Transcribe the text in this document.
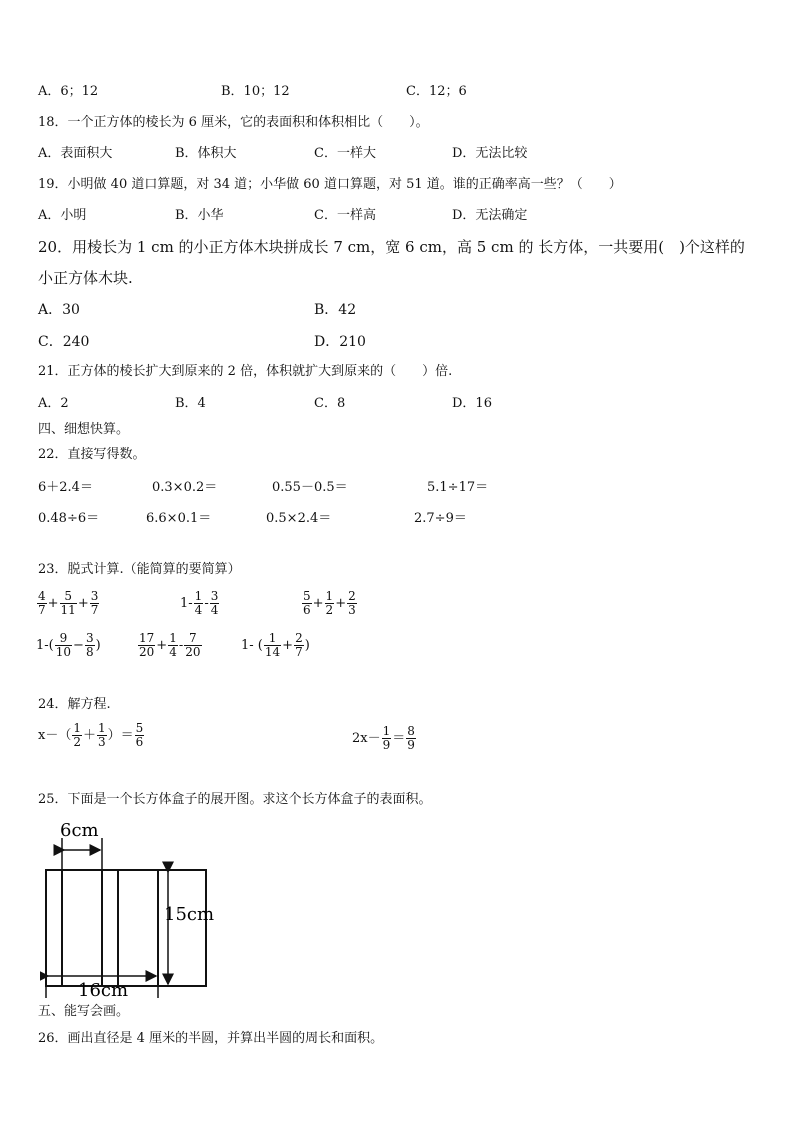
A．6；12	B．10；12	C．12；6
18．一个正方体的棱长为 6 厘米，它的表面积和体积相比（　　）。
A．表面积大	B．体积大	C．一样大	D．无法比较
19．小明做 40 道口算题，对 34 道；小华做 60 道口算题，对 51 道。谁的正确率高一些？（　　）
A．小明	B．小华	C．一样高	D．无法确定
20．用棱长为 1 cm 的小正方体木块拼成长 7 cm，宽 6 cm，高 5 cm 的 长方体，一共要用(　)个这样的
小正方体木块.
A．30	B．42
C．240	D．210
21．正方体的棱长扩大到原来的 2 倍，体积就扩大到原来的（　　）倍.
A．2	B．4	C．8	D．16
四、细想快算。
22．直接写得数。
6＋2.4＝	0.3×0.2＝	0.55－0.5＝	5.1÷17＝
0.48÷6＝	6.6×0.1＝	0.5×2.4＝	2.7÷9＝
23．脱式计算.（能简算的要简算）
$\frac{4}{7} + \frac{5}{11} + \frac{3}{7}$	$1- \frac{1}{4} - \frac{3}{4}$	$\frac{5}{6} + \frac{1}{2} + \frac{2}{3}$
$1-( \frac{9}{10} - \frac{3}{8}$ )	$\frac{17}{20} + \frac{1}{4} - \frac{7}{20}$	1- ( $\frac{1}{14} + \frac{2}{7}$ )
24．解方程.
$x-( \frac{1}{2} + \frac{1}{3}$ ）＝ $\frac{5}{6}$	$2x- \frac{1}{9} = \frac{8}{9}$
25．下面是一个长方体盒子的展开图。求这个长方体盒子的表面积。
6cm
15cm
16cm
五、能写会画。
26．画出直径是 4 厘米的半圆，并算出半圆的周长和面积。
